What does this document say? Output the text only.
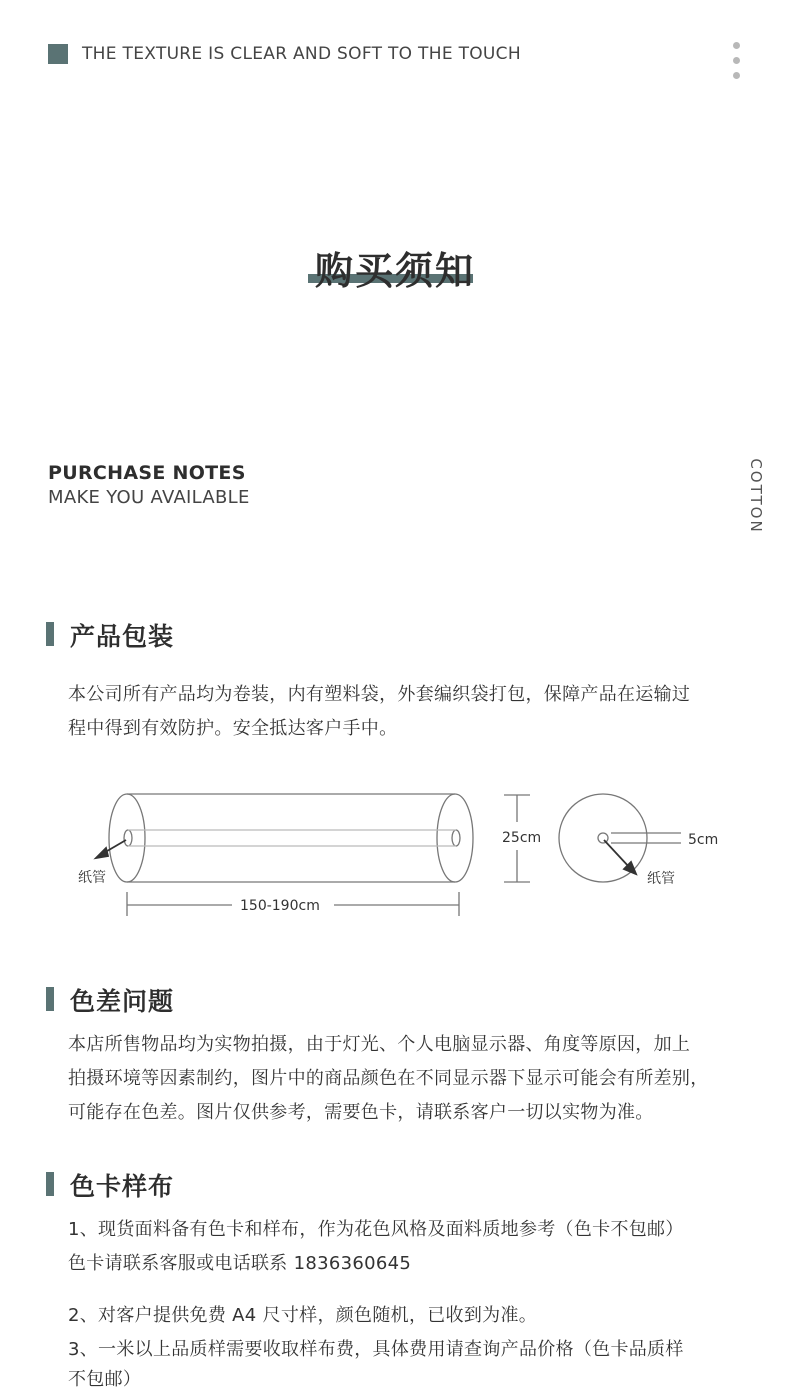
THE TEXTURE IS CLEAR AND SOFT TO THE TOUCH
购买须知
PURCHASE NOTES
MAKE YOU AVAILABLE	COTTON
产品包装
本公司所有产品均为卷装，内有塑料袋，外套编织袋打包，保障产品在运输过
程中得到有效防护。安全抵达客户手中。
纸管
150-190cm
25cm	5cm
纸管
色差问题
本店所售物品均为实物拍摄，由于灯光、个人电脑显示器、角度等原因，加上
拍摄环境等因素制约，图片中的商品颜色在不同显示器下显示可能会有所差别，
可能存在色差。图片仅供参考，需要色卡，请联系客户一切以实物为准。
色卡样布
1、现货面料备有色卡和样布，作为花色风格及面料质地参考（色卡不包邮）
色卡请联系客服或电话联系 1836360645
2、对客户提供免费 A4 尺寸样，颜色随机，已收到为准。
3、一米以上品质样需要收取样布费，具体费用请查询产品价格（色卡品质样
不包邮）
